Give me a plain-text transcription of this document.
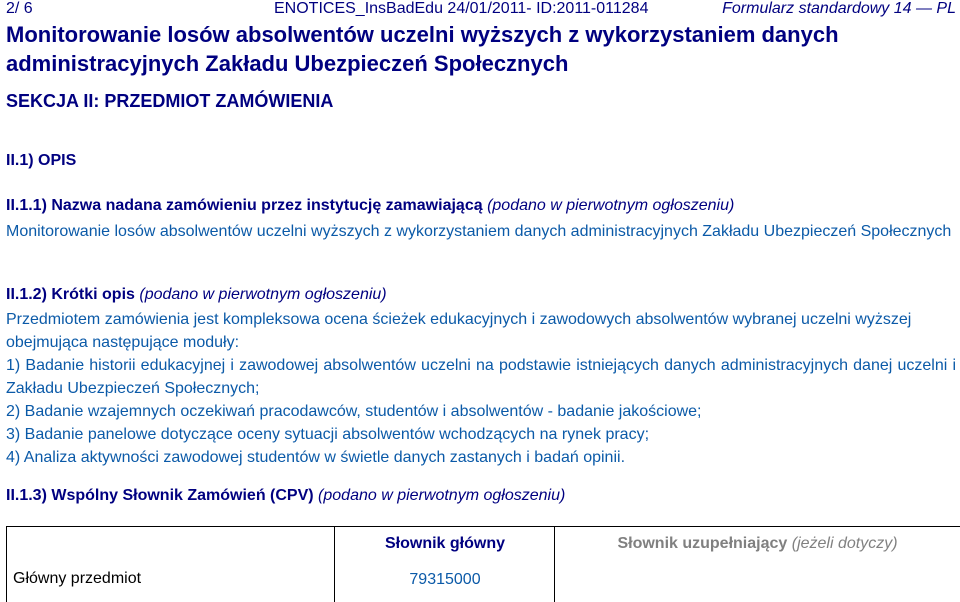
2/ 6	ENOTICES_InsBadEdu 24/01/2011- ID:2011-011284	Formularz standardowy 14 — PL
Monitorowanie losów absolwentów uczelni wyższych z wykorzystaniem danych administracyjnych Zakładu Ubezpieczeń Społecznych
SEKCJA II: PRZEDMIOT ZAMÓWIENIA
II.1) OPIS
II.1.1) Nazwa nadana zamówieniu przez instytucję zamawiającą (podano w pierwotnym ogłoszeniu)
Monitorowanie losów absolwentów uczelni wyższych z wykorzystaniem danych administracyjnych Zakładu Ubezpieczeń Społecznych
II.1.2) Krótki opis (podano w pierwotnym ogłoszeniu)

Przedmiotem zamówienia jest kompleksowa ocena ścieżek edukacyjnych i zawodowych absolwentów wybranej uczelni wyższej obejmująca następujące moduły:

1) Badanie historii edukacyjnej i zawodowej absolwentów uczelni na podstawie istniejących danych administracyjnych danej uczelni i Zakładu Ubezpieczeń Społecznych;

2) Badanie wzajemnych oczekiwań pracodawców, studentów i absolwentów - badanie jakościowe;

3) Badanie panelowe dotyczące oceny sytuacji absolwentów wchodzących na rynek pracy;

4) Analiza aktywności zawodowej studentów w świetle danych zastanych i badań opinii.

II.1.3) Wspólny Słownik Zamówień (CPV) (podano w pierwotnym ogłoszeniu)
Główny przedmiot
Słownik główny
79315000
Słownik uzupełniający (jeżeli dotyczy)
